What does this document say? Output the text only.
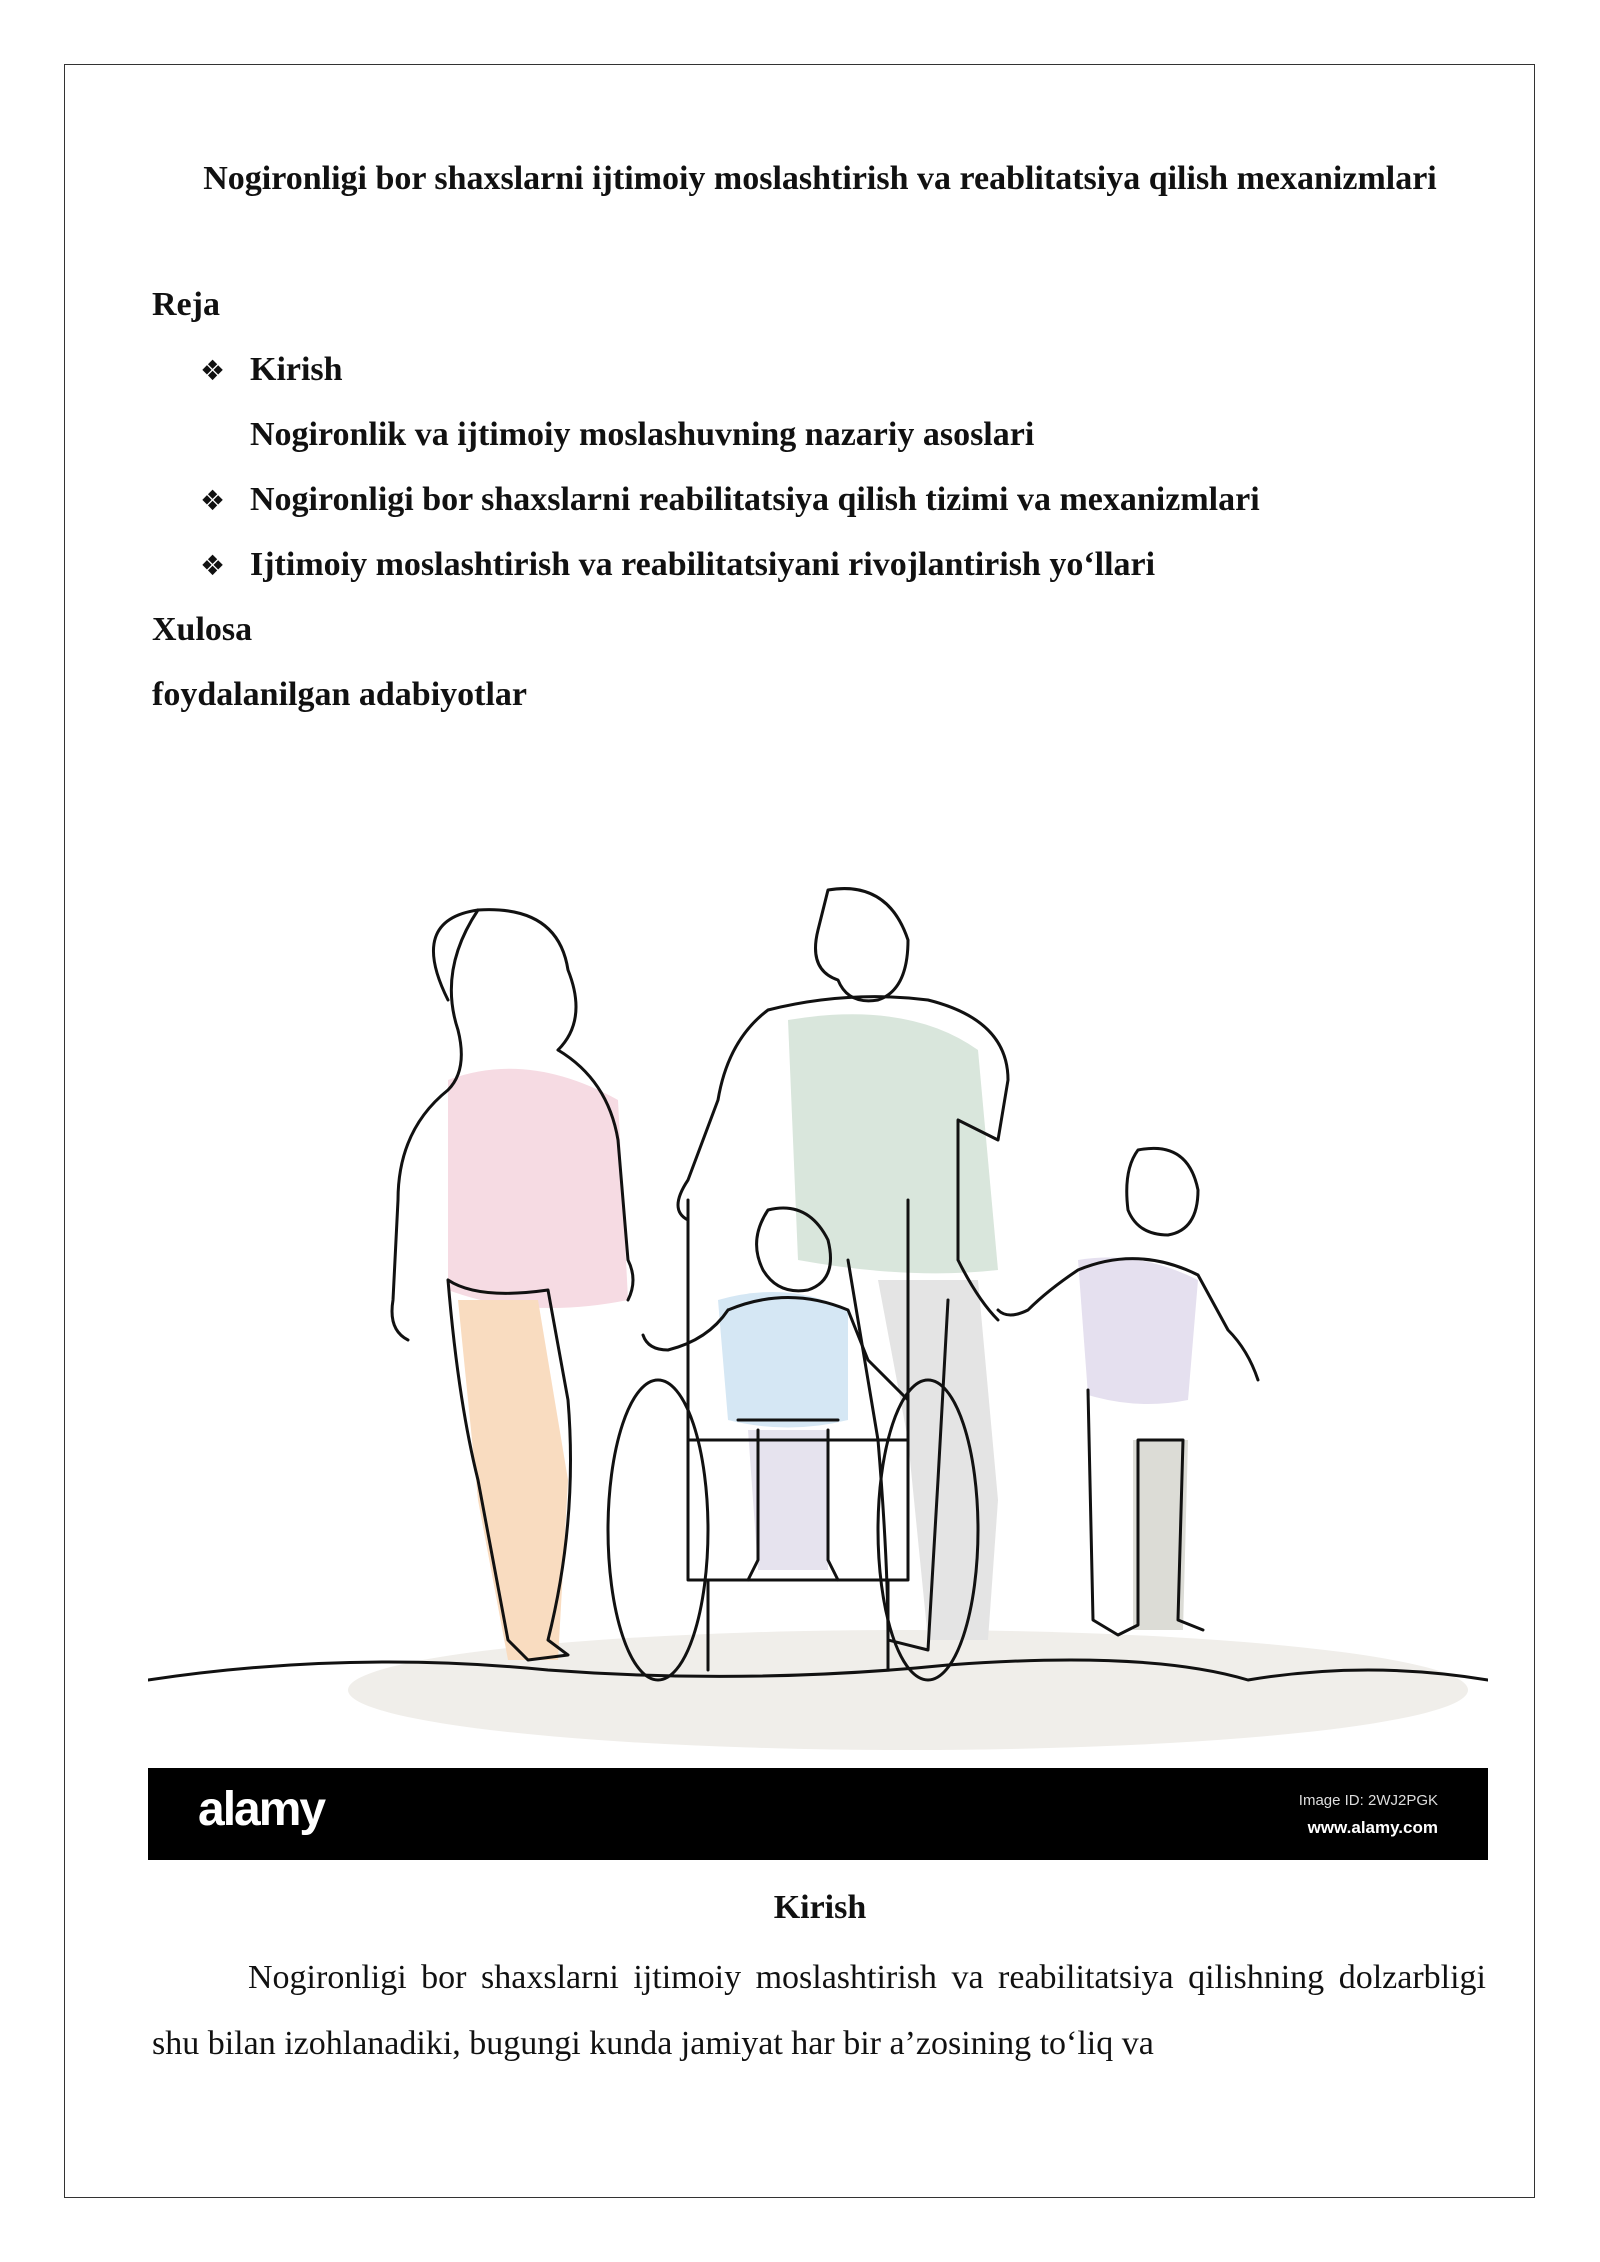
Nogironligi bor shaxslarni ijtimoiy moslashtirish va reablitatsiya qilish mexanizmlari
Reja
❖ Kirish
Nogironlik va ijtimoiy moslashuvning nazariy asoslari
❖ Nogironligi bor shaxslarni reabilitatsiya qilish tizimi va mexanizmlari
❖ Ijtimoiy moslashtirish va reabilitatsiyani rivojlantirish yo‘llari
Xulosa
foydalanilgan adabiyotlar
alamy	Image ID: 2WJ2PGK
www.alamy.com
Kirish
Nogironligi bor shaxslarni ijtimoiy moslashtirish va reabilitatsiya qilishning dolzarbligi shu bilan izohlanadiki, bugungi kunda jamiyat har bir a’zosining to‘liq va
